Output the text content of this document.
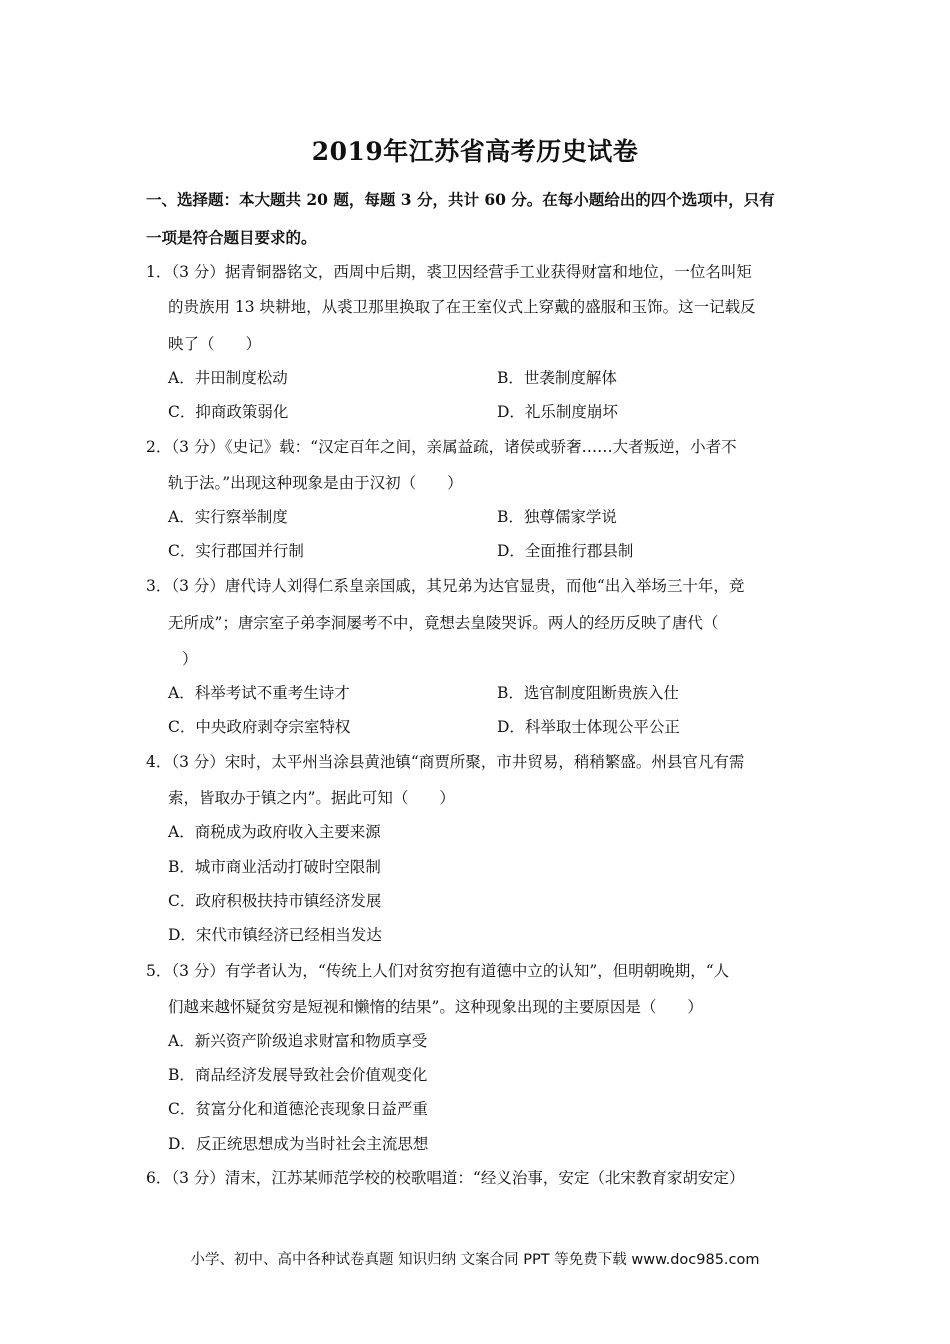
2019年江苏省高考历史试卷
一、选择题：本大题共 20 题，每题 3 分，共计 60 分。在每小题给出的四个选项中，只有
一项是符合题目要求的。
1．（3 分）据青铜器铭文，西周中后期，裘卫因经营手工业获得财富和地位，一位名叫矩
的贵族用 13 块耕地，从裘卫那里换取了在王室仪式上穿戴的盛服和玉饰。这一记载反
映了（　　）
A．井田制度松动	B．世袭制度解体
C．抑商政策弱化	D．礼乐制度崩坏
2．（3 分）《史记》载：“汉定百年之间，亲属益疏，诸侯或骄奢……大者叛逆，小者不
轨于法。”出现这种现象是由于汉初（　　）
A．实行察举制度	B．独尊儒家学说
C．实行郡国并行制	D．全面推行郡县制
3．（3 分）唐代诗人刘得仁系皇亲国戚，其兄弟为达官显贵，而他“出入举场三十年，竞
无所成”；唐宗室子弟李洞屡考不中，竟想去皇陵哭诉。两人的经历反映了唐代（
）
A．科举考试不重考生诗才	B．选官制度阻断贵族入仕
C．中央政府剥夺宗室特权	D．科举取士体现公平公正
4．（3 分）宋时，太平州当涂县黄池镇“商贾所聚，市井贸易，稍稍繁盛。州县官凡有需
索，皆取办于镇之内”。据此可知（　　）
A．商税成为政府收入主要来源
B．城市商业活动打破时空限制
C．政府积极扶持市镇经济发展
D．宋代市镇经济已经相当发达
5．（3 分）有学者认为，“传统上人们对贫穷抱有道德中立的认知”，但明朝晚期，“人
们越来越怀疑贫穷是短视和懒惰的结果”。这种现象出现的主要原因是（　　）
A．新兴资产阶级追求财富和物质享受
B．商品经济发展导致社会价值观变化
C．贫富分化和道德沦丧现象日益严重
D．反正统思想成为当时社会主流思想
6．（3 分）清末，江苏某师范学校的校歌唱道：“经义治事，安定（北宋教育家胡安定）
小学、初中、高中各种试卷真题 知识归纳 文案合同 PPT 等免费下载 www.doc985.com
